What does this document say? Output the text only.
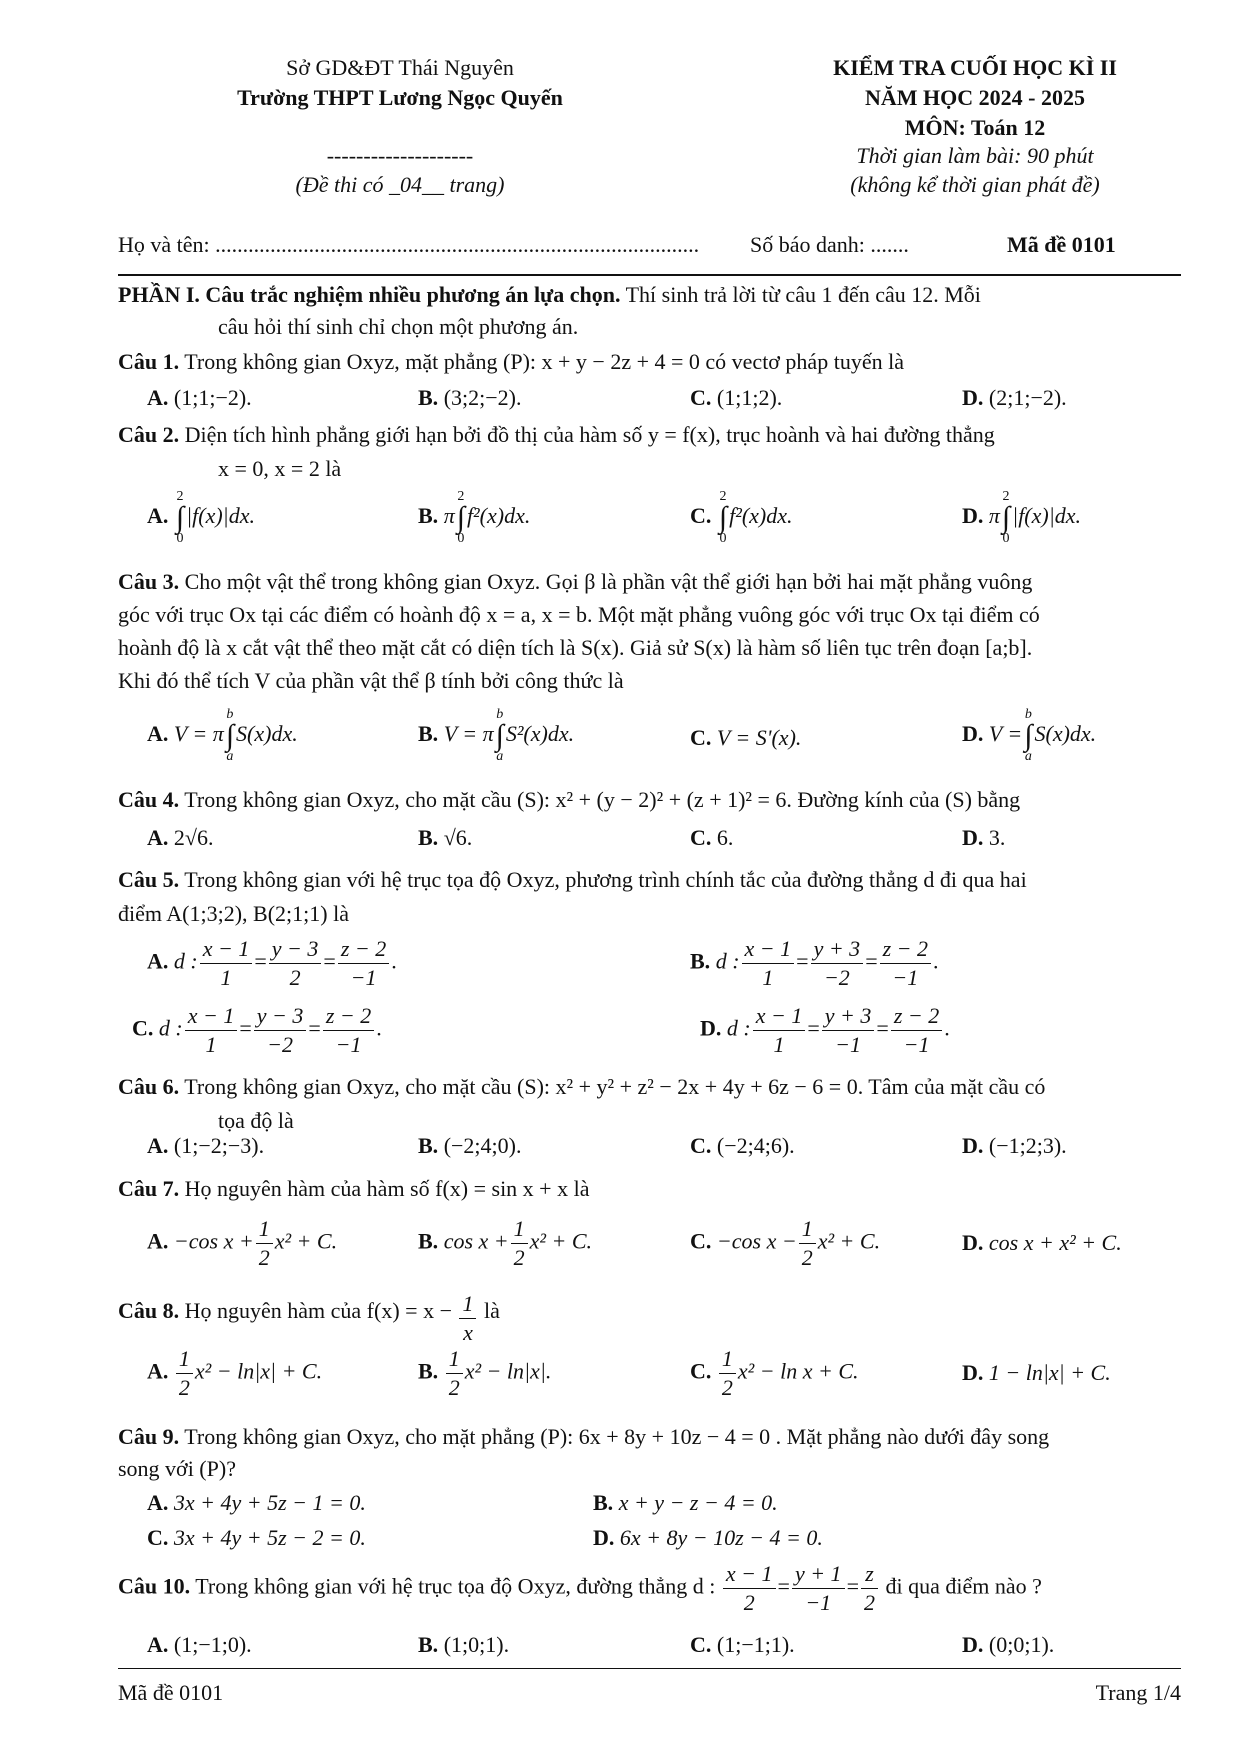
Sở GD&ĐT Thái Nguyên
Trường THPT Lương Ngọc Quyến
--------------------
(Đề thi có _04__ trang)
KIỂM TRA CUỐI HỌC KÌ II
NĂM HỌC 2024 - 2025
MÔN: Toán 12
Thời gian làm bài: 90 phút
(không kể thời gian phát đề)
Họ và tên: ........................................................................................ Số báo danh: .......	Mã đề 0101
PHẦN I. Câu trắc nghiệm nhiều phương án lựa chọn. Thí sinh trả lời từ câu 1 đến câu 12. Mỗi
câu hỏi thí sinh chỉ chọn một phương án.
Câu 1. Trong không gian Oxyz, mặt phẳng (P): x + y − 2z + 4 = 0 có vectơ pháp tuyến là
A. (1;1;−2).	B. (3;2;−2).	C. (1;1;2).	D. (2;1;−2).
Câu 2. Diện tích hình phẳng giới hạn bởi đồ thị của hàm số y = f(x), trục hoành và hai đường thẳng
x = 0, x = 2 là
A. 2
∫
0|f(x)|dx.	B. π2
∫
0f²(x)dx.	C. 2
∫
0f²(x)dx.	D. π2
∫
0|f(x)|dx.
Câu 3. Cho một vật thể trong không gian Oxyz. Gọi β là phần vật thể giới hạn bởi hai mặt phẳng vuông
góc với trục Ox tại các điểm có hoành độ x = a, x = b. Một mặt phẳng vuông góc với trục Ox tại điểm có
hoành độ là x cắt vật thể theo mặt cắt có diện tích là S(x). Giả sử S(x) là hàm số liên tục trên đoạn [a;b].
Khi đó thể tích V của phần vật thể β tính bởi công thức là
A. V = πb
∫
aS(x)dx.	B. V = πb
∫
aS²(x)dx.	C. V = S'(x).	D. V =b
∫
aS(x)dx.
Câu 4. Trong không gian Oxyz, cho mặt cầu (S): x² + (y − 2)² + (z + 1)² = 6. Đường kính của (S) bằng
A. 2√6.	B. √6.	C. 6.	D. 3.
Câu 5. Trong không gian với hệ trục tọa độ Oxyz, phương trình chính tắc của đường thẳng d đi qua hai
điểm A(1;3;2), B(2;1;1) là
A. d : $\frac{x - 1}{1} = \frac{y - 3}{2} = \frac{z - 2}{-1}$ .	B. d : $\frac{x - 1}{1} = \frac{y + 3}{-2} = \frac{z - 2}{-1}$ .
C. d : $\frac{x - 1}{1} = \frac{y - 3}{-2} = \frac{z - 2}{-1}$ .	D. d : $\frac{x - 1}{1} = \frac{y + 3}{-1} = \frac{z - 2}{-1}$ .
Câu 6. Trong không gian Oxyz, cho mặt cầu (S): x² + y² + z² − 2x + 4y + 6z − 6 = 0. Tâm của mặt cầu có
tọa độ là
A. (1;−2;−3).	B. (−2;4;0).	C. (−2;4;6).	D. (−1;2;3).
Câu 7. Họ nguyên hàm của hàm số f(x) = sin x + x là
A. −cos $x + \frac{1}{2} x^2 + C$.	B. $\cos x + \frac{1}{2} x^2 + C$.	C. −cos $x - \frac{1}{2} x^2 + C$.	D. cos x + x² + C.
Câu 8. Họ nguyên hàm của $f(x) = x - \frac{1}{x}$ là
A. $\frac{1}{2} x^2 - \ln|x| + C$.	B. $\frac{1}{2} x^2 - \ln|x|$.	C. $\frac{1}{2} x^2 - \ln x + C$.	D. 1 − ln|x| + C.
Câu 9. Trong không gian Oxyz, cho mặt phẳng (P): 6x + 8y + 10z − 4 = 0 . Mặt phẳng nào dưới đây song
song với (P)?
A. 3x + 4y + 5z − 1 = 0.	B. x + y − z − 4 = 0.
C. 3x + 4y + 5z − 2 = 0.	D. 6x + 8y − 10z − 4 = 0.
Câu 10. Trong không gian với hệ trục tọa độ Oxyz, đường thẳng d : $\frac{x - 1}{2} = \frac{y + 1}{-1} = \frac{z}{2}$ đi qua điểm nào ?
A. (1;−1;0).	B. (1;0;1).	C. (1;−1;1).	D. (0;0;1).
Mã đề 0101	Trang 1/4
